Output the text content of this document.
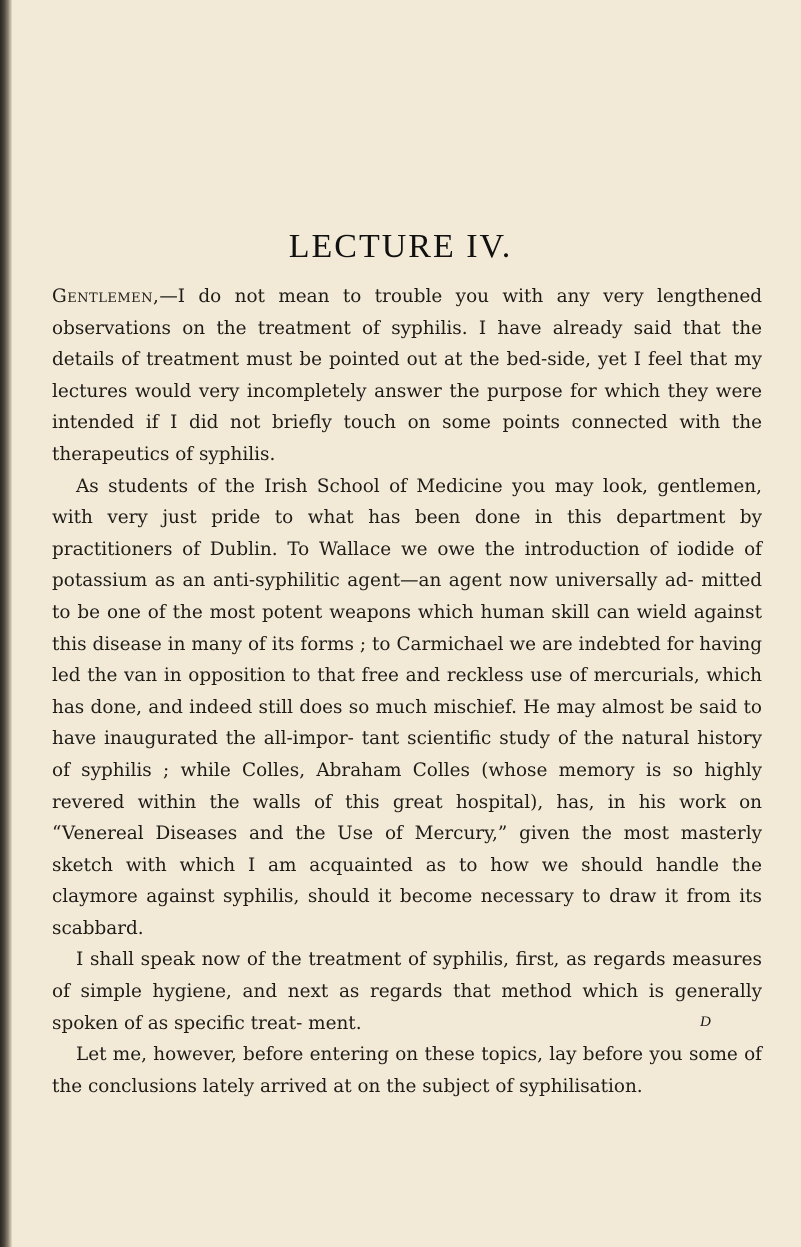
LECTURE IV.

Gentlemen,—I do not mean to trouble you with any very lengthened observations on the treatment of syphilis. I have already said that the details of treatment must be pointed out at the bed-side, yet I feel that my lectures would very incompletely answer the purpose for which they were intended if I did not briefly touch on some points connected with the therapeutics of syphilis.

As students of the Irish School of Medicine you may look, gentlemen, with very just pride to what has been done in this department by practitioners of Dublin. To Wallace we owe the introduction of iodide of potassium as an anti-syphilitic agent—an agent now universally ad- mitted to be one of the most potent weapons which human skill can wield against this disease in many of its forms ; to Carmichael we are indebted for having led the van in opposition to that free and reckless use of mercurials, which has done, and indeed still does so much mischief. He may almost be said to have inaugurated the all-impor- tant scientific study of the natural history of syphilis ; while Colles, Abraham Colles (whose memory is so highly revered within the walls of this great hospital), has, in his work on “Venereal Diseases and the Use of Mercury,” given the most masterly sketch with which I am acquainted as to how we should handle the claymore against syphilis, should it become necessary to draw it from its scabbard.

I shall speak now of the treatment of syphilis, first, as regards measures of simple hygiene, and next as regards that method which is generally spoken of as specific treat- ment.

Let me, however, before entering on these topics, lay before you some of the conclusions lately arrived at on the subject of syphilisation.

D
